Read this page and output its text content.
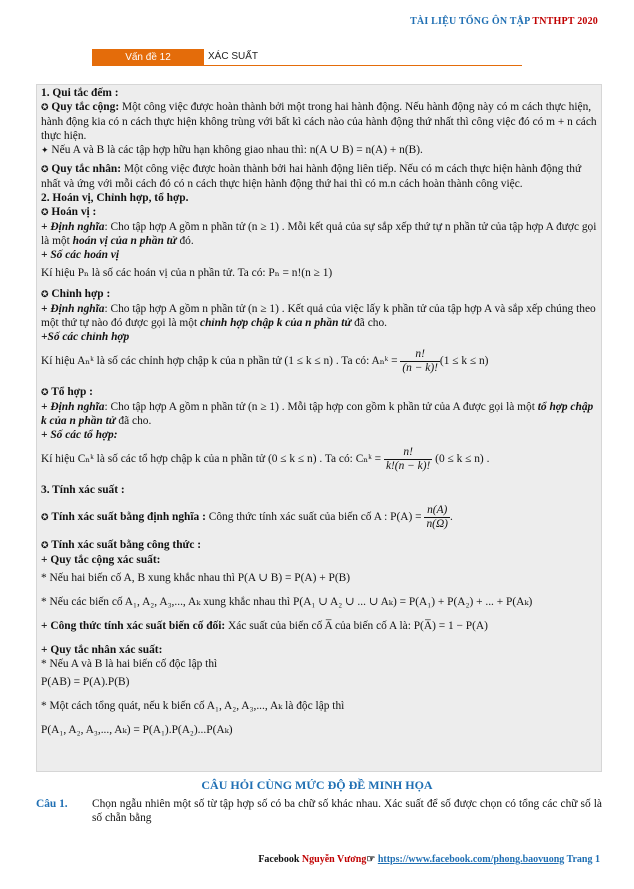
TÀI LIỆU TỔNG ÔN TẬP TNTHPT 2020
Vấn đề 12	XÁC SUẤT

1. Qui tắc đếm :

✪ Quy tắc cộng: Một công việc được hoàn thành bởi một trong hai hành động. Nếu hành động này có m cách thực hiện, hành động kia có n cách thực hiện không trùng với bất kì cách nào của hành động thứ nhất thì công việc đó có m + n cách thực hiện.

✦ Nếu A và B là các tập hợp hữu hạn không giao nhau thì: n(A ∪ B) = n(A) + n(B).

✪ Quy tắc nhân: Một công việc được hoàn thành bởi hai hành động liên tiếp. Nếu có m cách thực hiện hành động thứ nhất và ứng với mỗi cách đó có n cách thực hiện hành động thứ hai thì có m.n cách hoàn thành công việc.

2. Hoán vị, Chỉnh hợp, tổ hợp.

✪ Hoán vị :

+ Định nghĩa: Cho tập hợp A gồm n phần tử (n ≥ 1) . Mỗi kết quả của sự sắp xếp thứ tự n phần tử của tập hợp A được gọi là một hoán vị của n phần tử đó.

+ Số các hoán vị

Kí hiệu Pₙ là số các hoán vị của n phần tử. Ta có: Pₙ = n!(n ≥ 1)

✪ Chỉnh hợp :

+ Định nghĩa: Cho tập hợp A gồm n phần tử (n ≥ 1) . Kết quả của việc lấy k phần tử của tập hợp A và sắp xếp chúng theo một thứ tự nào đó được gọi là một chỉnh hợp chập k của n phần tử đã cho.

+Số các chỉnh hợp

Kí hiệu Aₙᵏ là số các chỉnh hợp chập k của n phần tử (1 ≤ k ≤ n) . Ta có: Aₙᵏ = $\frac{n!}{(n - k)!} (1 \le k \le n)$

✪ Tổ hợp :

+ Định nghĩa: Cho tập hợp A gồm n phần tử (n ≥ 1) . Mỗi tập hợp con gồm k phần tử của A được gọi là một tổ hợp chập k của n phần tử đã cho.

+ Số các tổ hợp:

Kí hiệu Cₙᵏ là số các tổ hợp chập k của n phần tử (0 ≤ k ≤ n) . Ta có: Cₙᵏ = $\frac{n!}{k!(n - k)!} (0 \le k \le n)$ .

3. Tính xác suất :

✪ Tính xác suất bằng định nghĩa : Công thức tính xác suất của biến cố A : $P(A) = \frac{n(A)}{n(\Omega)}$ .

✪ Tính xác suất bằng công thức :

+ Quy tắc cộng xác suất:

* Nếu hai biến cố A, B xung khắc nhau thì P(A ∪ B) = P(A) + P(B)

* Nếu các biến cố A₁, A₂, A₃,..., Aₖ xung khắc nhau thì P(A₁ ∪ A₂ ∪ ... ∪ Aₖ) = P(A₁) + P(A₂) + ... + P(Aₖ)

+ Công thức tính xác suất biến cố đối: Xác suất của biến cố A̅ của biến cố A là: P(A̅) = 1 − P(A)

+ Quy tắc nhân xác suất:

* Nếu A và B là hai biến cố độc lập thì

P(AB) = P(A).P(B)

* Một cách tổng quát, nếu k biến cố A₁, A₂, A₃,..., Aₖ là độc lập thì

P(A₁, A₂, A₃,..., Aₖ) = P(A₁).P(A₂)...P(Aₖ)

CÂU HỎI CÙNG MỨC ĐỘ ĐỀ MINH HỌA
Câu 1. Chọn ngẫu nhiên một số từ tập hợp số có ba chữ số khác nhau. Xác suất để số được chọn có tổng các chữ số là số chẵn bằng
Facebook Nguyễn Vương☞ https://www.facebook.com/phong.baovuong Trang 1
